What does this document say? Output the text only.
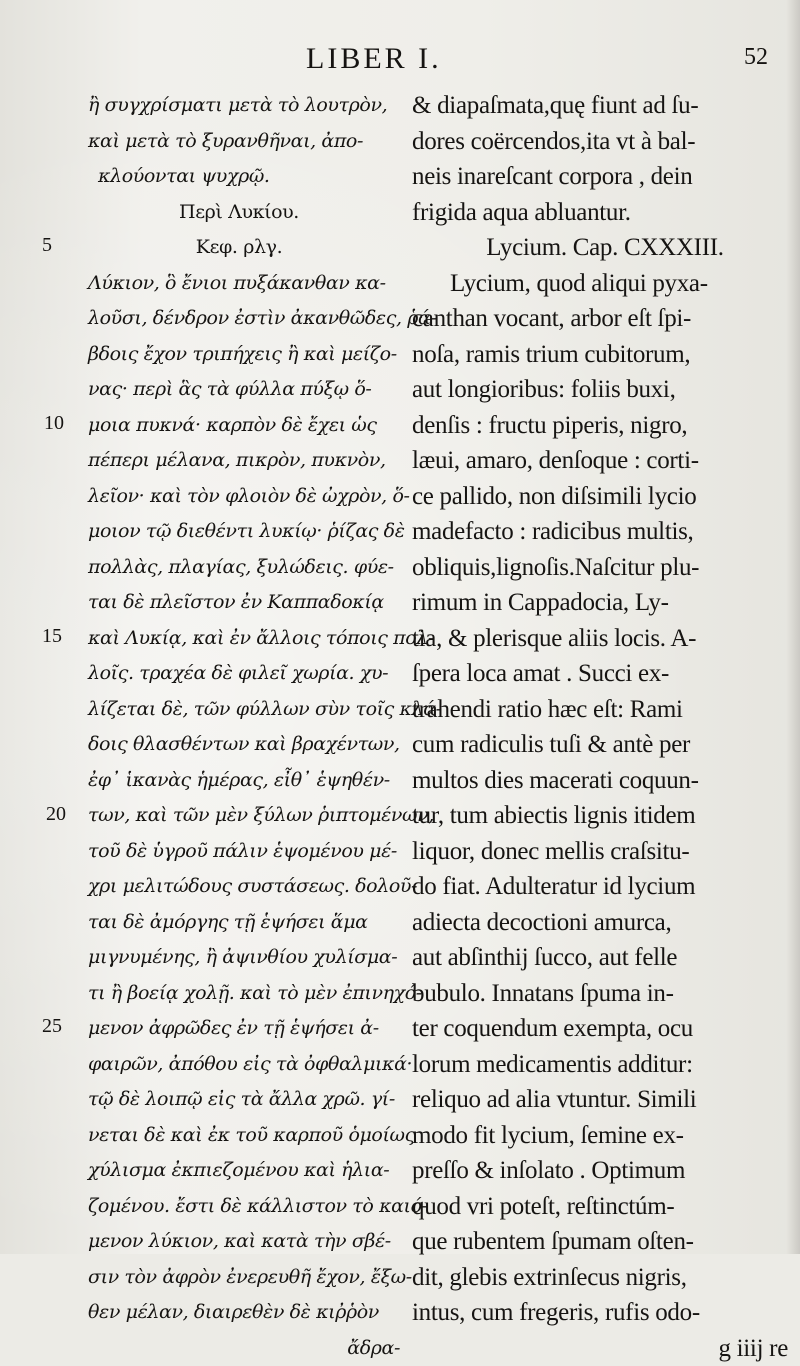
LIBER I.	52
5
10
15
20
25
ἢ συγχρίσματι μετὰ τὸ λουτρὸν,
καὶ μετὰ τὸ ξυρανθῆναι, ἀπο-
κλούονται ψυχρῷ.
Περὶ Λυκίου.
Κεφ. ρλγ.
Λύκιον, ὃ ἔνιοι πυξάκανθαν κα-
λοῦσι, δένδρον ἐστὶν ἀκανθῶδες, ῥά-
βδοις ἔχον τριπήχεις ἢ καὶ μείζο-
νας· περὶ ἃς τὰ φύλλα πύξῳ ὅ-
μοια πυκνά· καρπὸν δὲ ἔχει ὡς
πέπερι μέλανα, πικρὸν, πυκνὸν,
λεῖον· καὶ τὸν φλοιὸν δὲ ὠχρὸν, ὅ-
μοιον τῷ διεθέντι λυκίῳ· ῥίζας δὲ
πολλὰς, πλαγίας, ξυλώδεις. φύε-
ται δὲ πλεῖστον ἐν Καππαδοκίᾳ
καὶ Λυκίᾳ, καὶ ἐν ἄλλοις τόποις πολ-
λοῖς. τραχέα δὲ φιλεῖ χωρία. χυ-
λίζεται δὲ, τῶν φύλλων σὺν τοῖς κλά-
δοις θλασθέντων καὶ βραχέντων,
ἐφ᾽ ἱκανὰς ἡμέρας, εἶθ᾽ ἑψηθέν-
των, καὶ τῶν μὲν ξύλων ῥιπτομένων,
τοῦ δὲ ὑγροῦ πάλιν ἑψομένου μέ-
χρι μελιτώδους συστάσεως. δολοῦ-
ται δὲ ἀμόργης τῇ ἑψήσει ἅμα
μιγνυμένης, ἢ ἀψινθίου χυλίσμα-
τι ἢ βοείᾳ χολῇ. καὶ τὸ μὲν ἐπινηχό-
μενον ἀφρῶδες ἐν τῇ ἑψήσει ἀ-
φαιρῶν, ἀπόθου εἰς τὰ ὀφθαλμικά·
τῷ δὲ λοιπῷ εἰς τὰ ἄλλα χρῶ. γί-
νεται δὲ καὶ ἐκ τοῦ καρποῦ ὁμοίως
χύλισμα ἐκπιεζομένου καὶ ἡλια-
ζομένου. ἔστι δὲ κάλλιστον τὸ καιό-
μενον λύκιον, καὶ κατὰ τὴν σβέ-
σιν τὸν ἀφρὸν ἐνερευθῆ ἔχον, ἔξω-
θεν μέλαν, διαιρεθὲν δὲ κιῤῥὸν
ἄδρα-
& diapaſmata,quę fiunt ad ſu-
dores coërcendos,ita vt à bal-
neis inareſcant corpora , dein
frigida aqua abluantur.
Lycium. Cap. CXXXIII.
Lycium, quod aliqui pyxa-
canthan vocant, arbor eſt ſpi-
noſa, ramis trium cubitorum,
aut longioribus: foliis buxi,
denſis : fructu piperis, nigro,
læui, amaro, denſoque : corti-
ce pallido, non diſsimili lycio
madefacto : radicibus multis,
obliquis,lignoſis.Naſcitur plu-
rimum in Cappadocia, Ly-
tia, & plerisque aliis locis. A-
ſpera loca amat . Succi ex-
trahendi ratio hæc eſt: Rami
cum radiculis tuſi & antè per
multos dies macerati coquun-
tur, tum abiectis lignis itidem
liquor, donec mellis craſsitu-
do fiat. Adulteratur id lycium
adiecta decoctioni amurca,
aut abſinthij ſucco, aut felle
bubulo. Innatans ſpuma in-
ter coquendum exempta, ocu
lorum medicamentis additur:
reliquo ad alia vtuntur. Simili
modo fit lycium, ſemine ex-
preſſo & inſolato . Optimum
quod vri poteſt, reſtinctúm-
que rubentem ſpumam oſten-
dit, glebis extrinſecus nigris,
intus, cum fregeris, rufis odo-
g iiij re
